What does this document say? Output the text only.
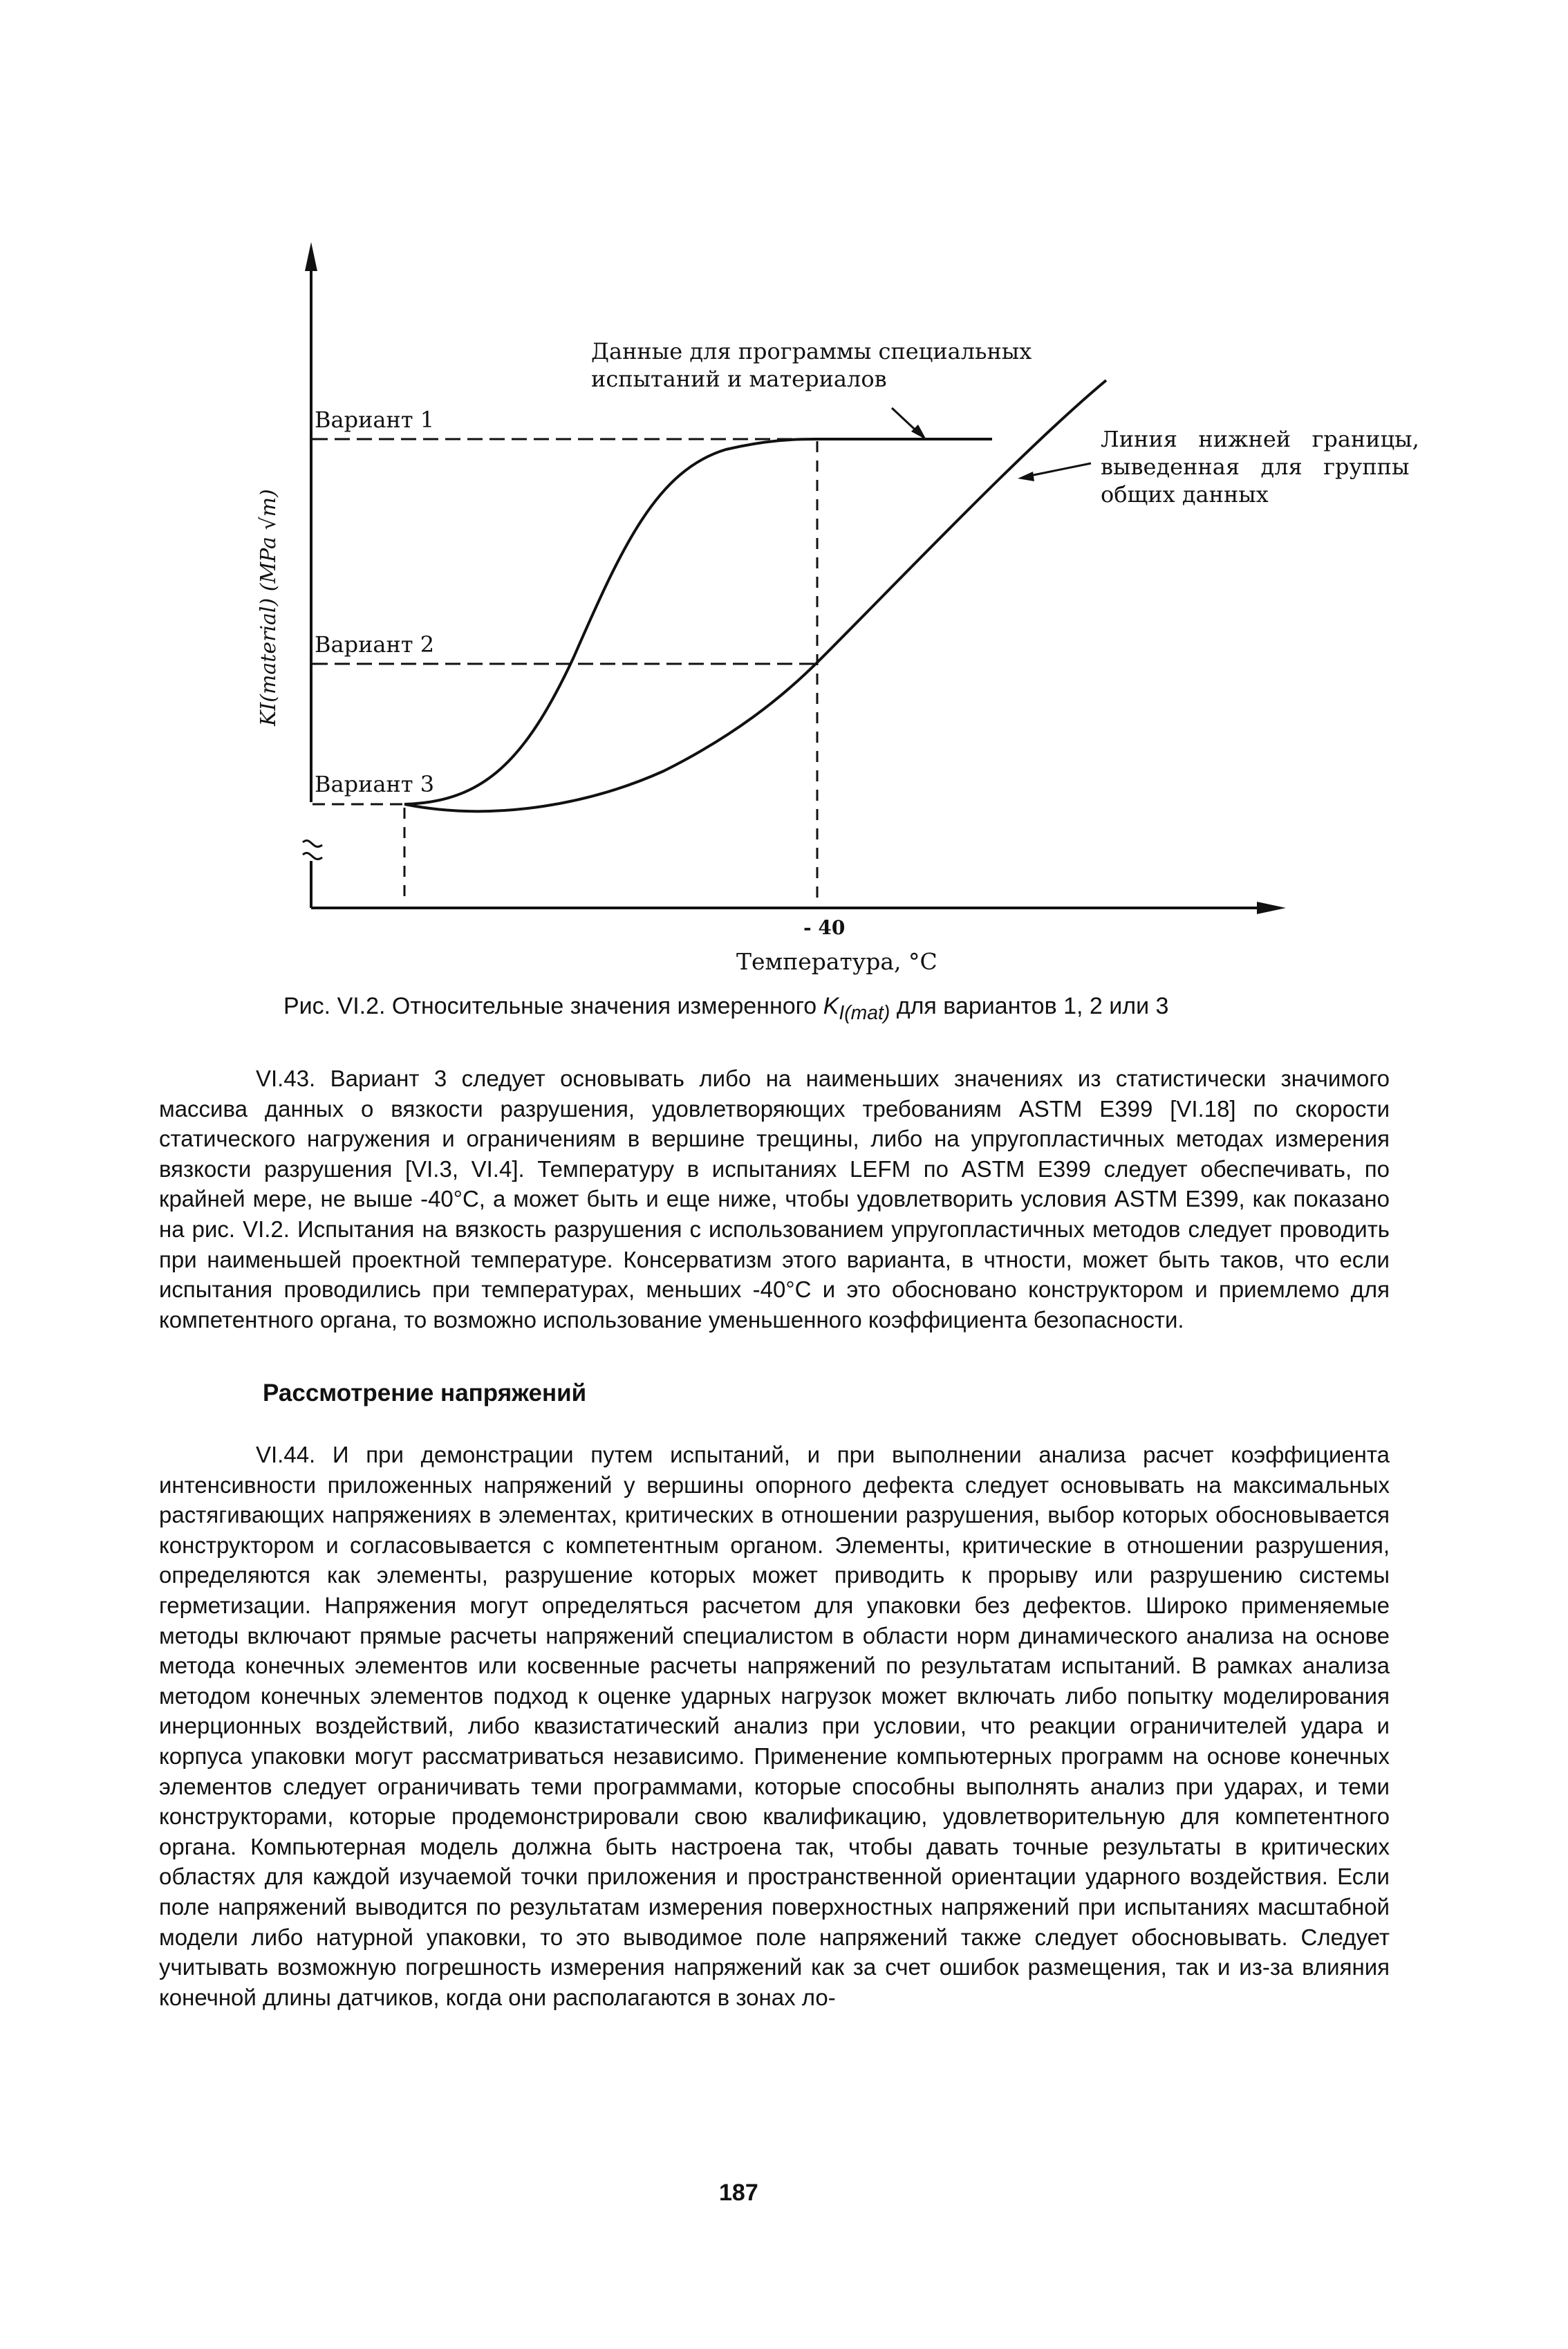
KI(material) (MPa √m)
Вариант 1
Вариант 2
Вариант 3
Данные для программы специальных
испытаний и материалов
Линия   нижней   границы,
выведенная   для   группы
общих данных
- 40
Температура, °C
Рис. VI.2. Относительные значения измеренного $K_{I(mat)}$ для вариантов 1, 2 или 3

VI.43. Вариант 3 следует основывать либо на наименьших значениях из статистически значимого массива данных о вязкости разрушения, удовлетворяющих требованиям ASTM E399 [VI.18] по скорости статического нагружения и ограничениям в вершине трещины, либо на упругопластичных методах измерения вязкости разрушения [VI.3, VI.4]. Температуру в испытаниях LEFM по ASTM E399 следует обеспечивать, по крайней мере, не выше -40°C, а может быть и еще ниже, чтобы удовлетворить условия ASTM E399, как показано на рис. VI.2. Испытания на вязкость разрушения с использованием упругопластичных методов следует проводить при наименьшей проектной температуре. Консерватизм этого варианта, в чтности, может быть таков, что если испытания проводились при температурах, меньших -40°C и это обосновано конструктором и приемлемо для компетентного органа, то возможно использование уменьшенного коэффициента безопасности.

Рассмотрение напряжений

VI.44. И при демонстрации путем испытаний, и при выполнении анализа расчет коэффициента интенсивности приложенных напряжений у вершины опорного дефекта следует основывать на максимальных растягивающих напряжениях в элементах, критических в отношении разрушения, выбор которых обосновывается конструктором и согласовывается с компетентным органом. Элементы, критические в отношении разрушения, определяются как элементы, разрушение которых может приводить к прорыву или разрушению системы герметизации. Напряжения могут определяться расчетом для упаковки без дефектов. Широко применяемые методы включают прямые расчеты напряжений специалистом в области норм динамического анализа на основе метода конечных элементов или косвенные расчеты напряжений по результатам испытаний. В рамках анализа методом конечных элементов подход к оценке ударных нагрузок может включать либо попытку моделирования инерционных воздействий, либо квазистатический анализ при условии, что реакции ограничителей удара и корпуса упаковки могут рассматриваться независимо. Применение компьютерных программ на основе конечных элементов следует ограничивать теми программами, которые способны выполнять анализ при ударах, и теми конструкторами, которые продемонстрировали свою квалификацию, удовлетворительную для компетентного органа. Компьютерная модель должна быть настроена так, чтобы давать точные результаты в критических областях для каждой изучаемой точки приложения и пространственной ориентации ударного воздействия. Если поле напряжений выводится по результатам измерения поверхностных напряжений при испытаниях масштабной модели либо натурной упаковки, то это выводимое поле напряжений также следует обосновывать. Следует учитывать возможную погрешность измерения напряжений как за счет ошибок размещения, так и из-за влияния конечной длины датчиков, когда они располагаются в зонах ло-

187
